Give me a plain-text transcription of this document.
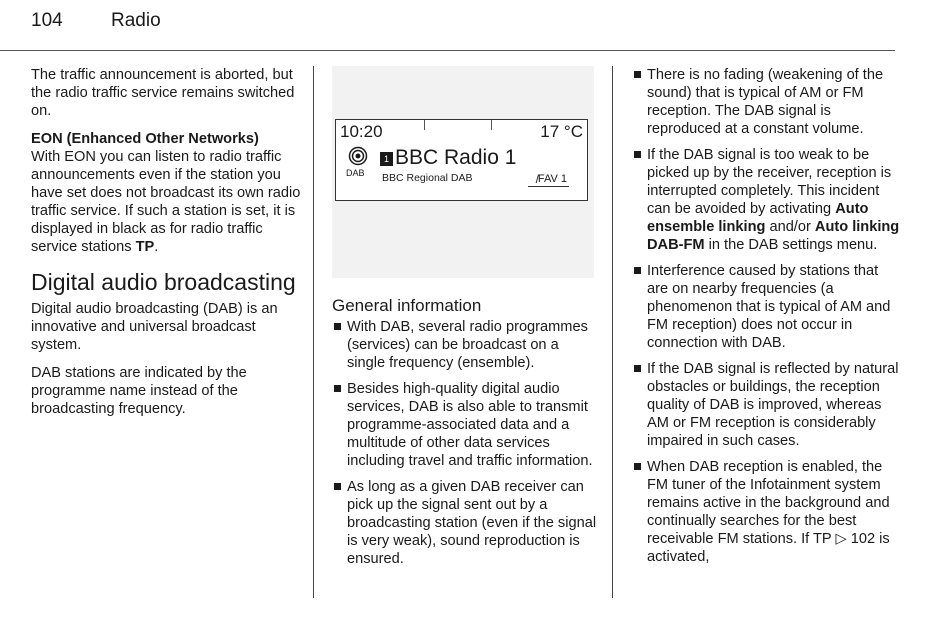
104	Radio

The traffic announcement is aborted, but the radio traffic service remains switched on.

EON (Enhanced Other Networks)
With EON you can listen to radio traffic announcements even if the station you have set does not broadcast its own radio traffic service. If such a station is set, it is displayed in black as for radio traffic service stations TP.

Digital audio broadcasting

Digital audio broadcasting (DAB) is an innovative and universal broadcast system.

DAB stations are indicated by the programme name instead of the broadcasting frequency.

10:20	17 °C
DAB
1 BBC Radio 1
BBC Regional DAB	FAV 1
/
General information
With DAB, several radio programmes (services) can be broadcast on a single frequency (ensemble).
Besides high-quality digital audio services, DAB is also able to transmit programme-associated data and a multitude of other data services including travel and traffic information.
As long as a given DAB receiver can pick up the signal sent out by a broadcasting station (even if the signal is very weak), sound reproduction is ensured.
There is no fading (weakening of the sound) that is typical of AM or FM reception. The DAB signal is reproduced at a constant volume.
If the DAB signal is too weak to be picked up by the receiver, reception is interrupted completely. This incident can be avoided by activating Auto ensemble linking and/or Auto linking DAB-FM in the DAB settings menu.
Interference caused by stations that are on nearby frequencies (a phenomenon that is typical of AM and FM reception) does not occur in connection with DAB.
If the DAB signal is reflected by natural obstacles or buildings, the reception quality of DAB is improved, whereas AM or FM reception is considerably impaired in such cases.
When DAB reception is enabled, the FM tuner of the Infotainment system remains active in the background and continually searches for the best receivable FM stations. If TP ▷ 102 is activated,
